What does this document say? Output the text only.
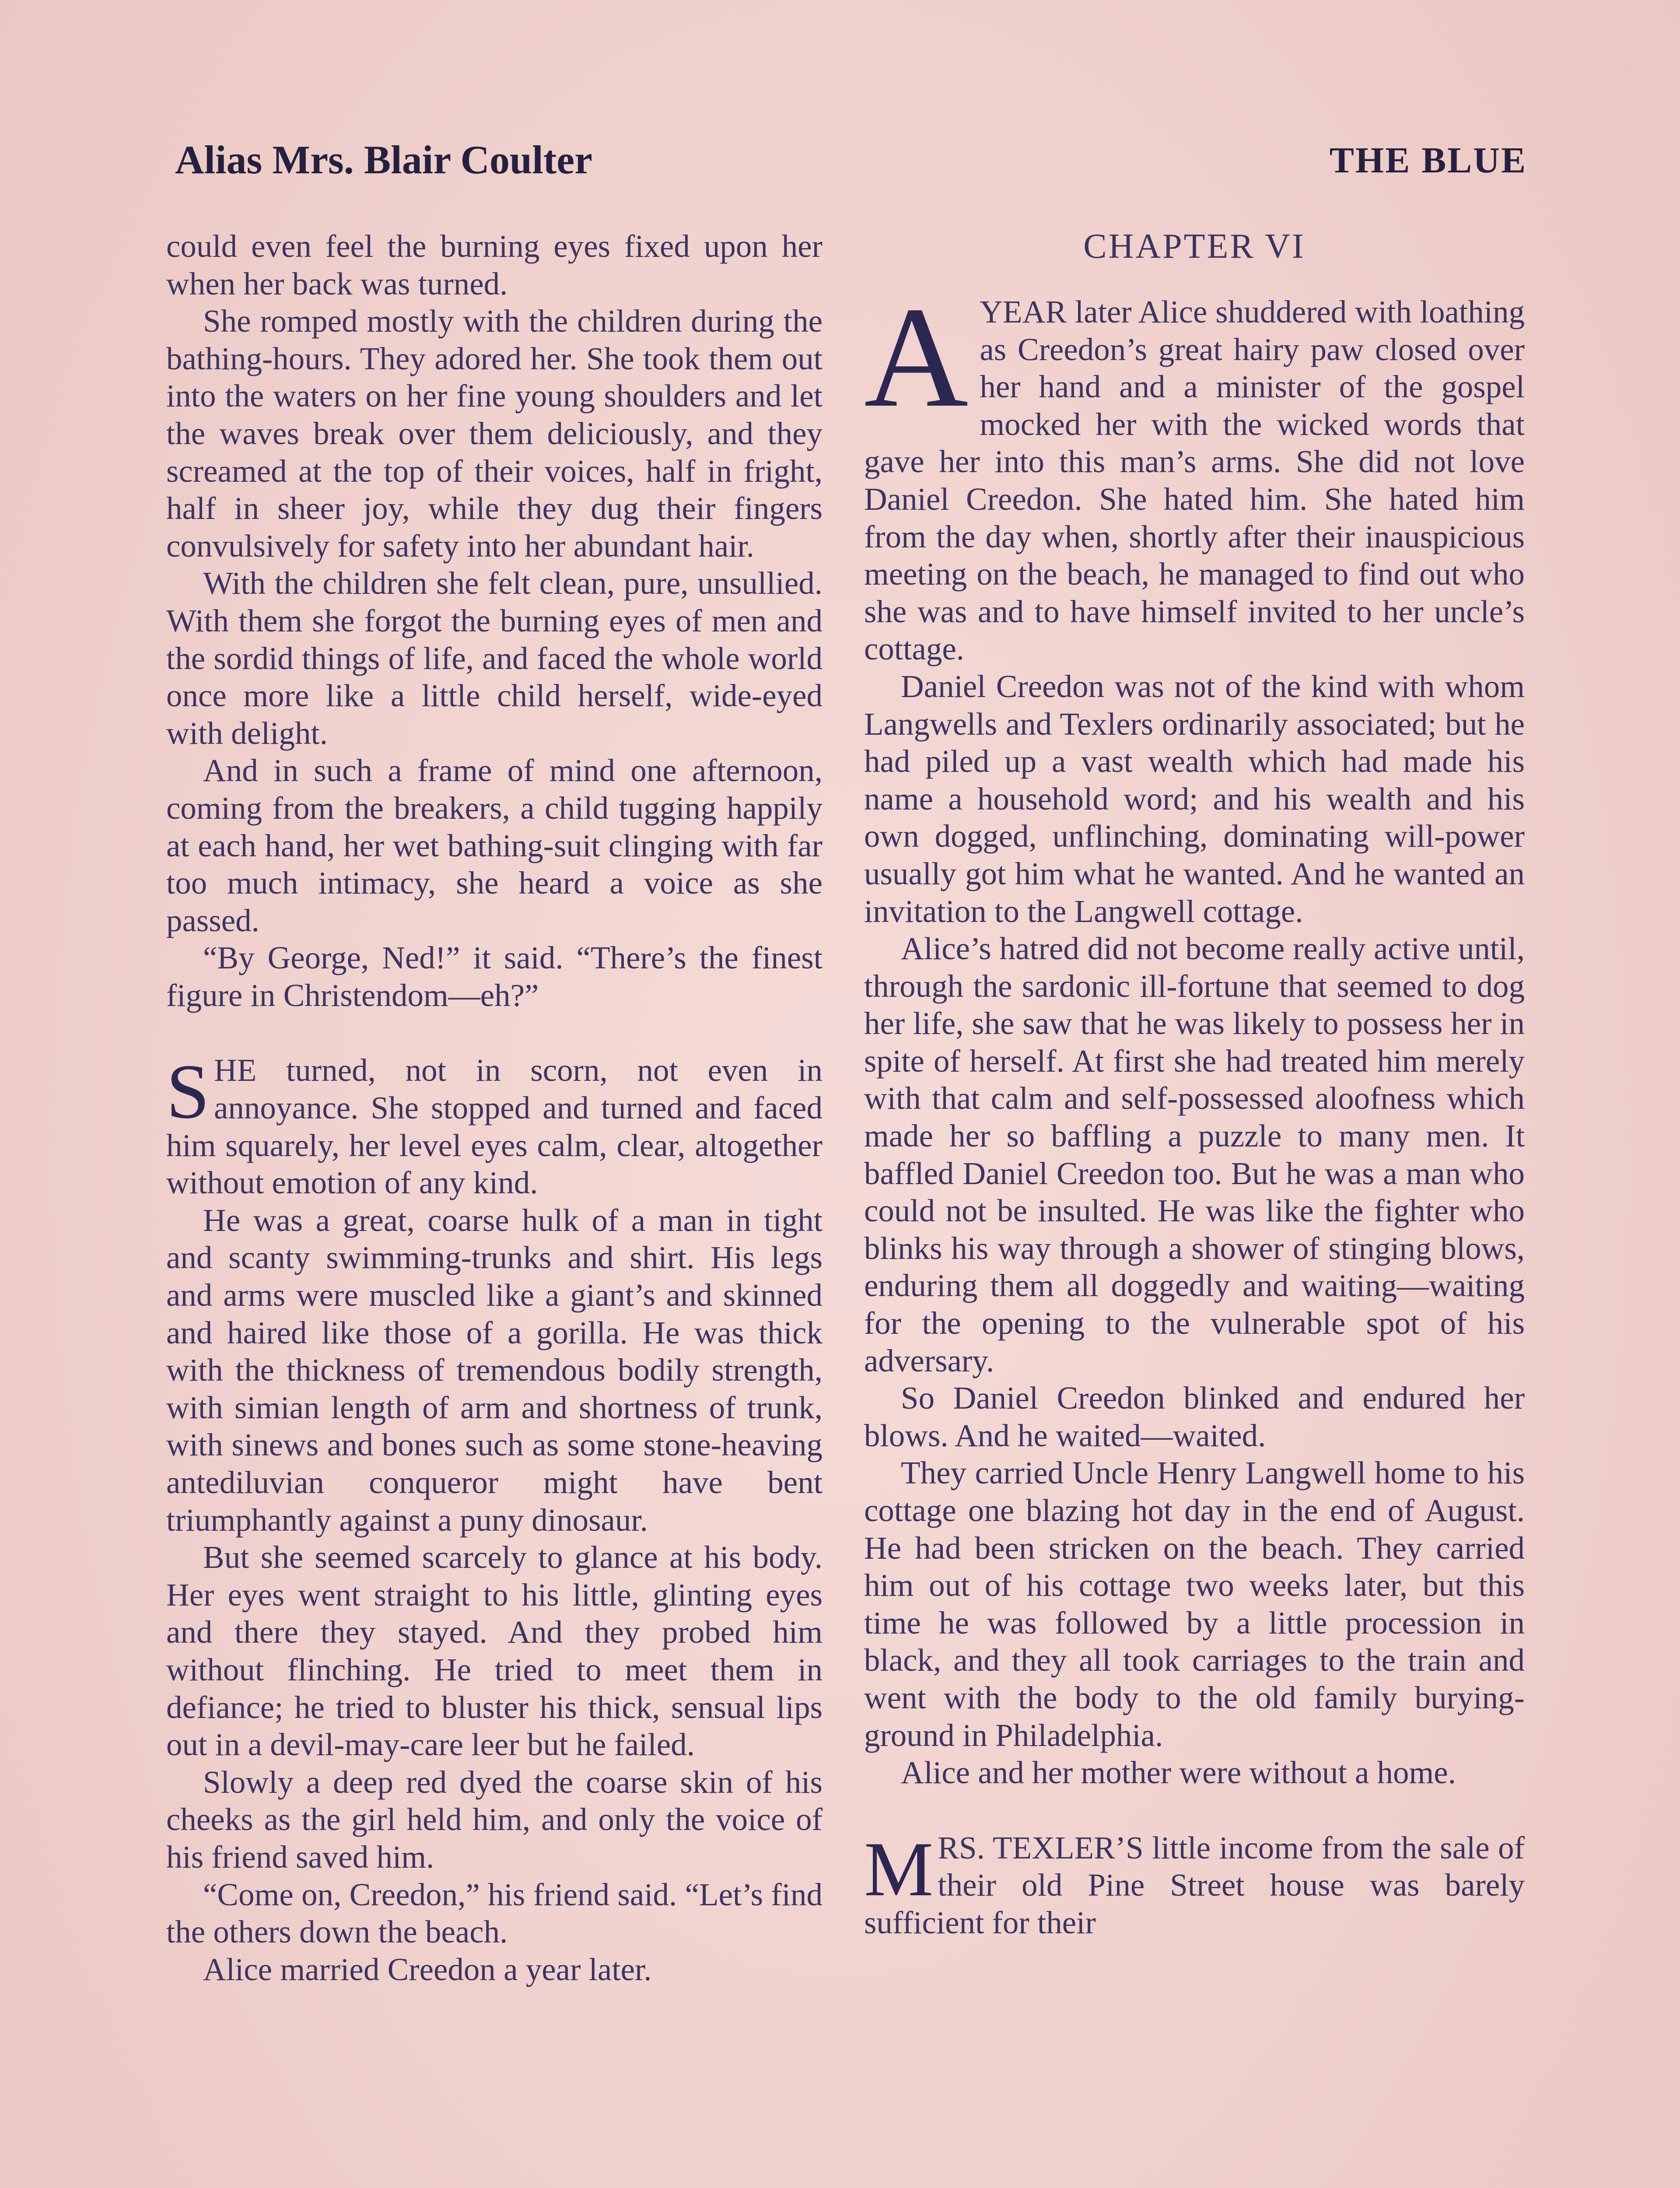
Alias Mrs. Blair Coulter	THE BLUE

could even feel the burning eyes fixed upon her when her back was turned.

She romped mostly with the children during the bathing-hours. They adored her. She took them out into the waters on her fine young shoulders and let the waves break over them deliciously, and they screamed at the top of their voices, half in fright, half in sheer joy, while they dug their fingers convulsively for safety into her abundant hair.

With the children she felt clean, pure, unsullied. With them she forgot the burning eyes of men and the sordid things of life, and faced the whole world once more like a little child herself, wide-eyed with delight.

And in such a frame of mind one afternoon, coming from the breakers, a child tugging happily at each hand, her wet bathing-suit clinging with far too much intimacy, she heard a voice as she passed.

“By George, Ned!” it said. “There’s the finest figure in Christendom—eh?”

SHE turned, not in scorn, not even in annoyance. She stopped and turned and faced him squarely, her level eyes calm, clear, altogether without emotion of any kind.

He was a great, coarse hulk of a man in tight and scanty swimming-trunks and shirt. His legs and arms were muscled like a giant’s and skinned and haired like those of a gorilla. He was thick with the thickness of tremendous bodily strength, with simian length of arm and shortness of trunk, with sinews and bones such as some stone-heaving antediluvian conqueror might have bent triumphantly against a puny dinosaur.

But she seemed scarcely to glance at his body. Her eyes went straight to his little, glinting eyes and there they stayed. And they probed him without flinching. He tried to meet them in defiance; he tried to bluster his thick, sensual lips out in a devil-may-care leer but he failed.

Slowly a deep red dyed the coarse skin of his cheeks as the girl held him, and only the voice of his friend saved him.

“Come on, Creedon,” his friend said. “Let’s find the others down the beach.

Alice married Creedon a year later.

CHAPTER VI

AYEAR later Alice shuddered with loathing as Creedon’s great hairy paw closed over her hand and a minister of the gospel mocked her with the wicked words that gave her into this man’s arms. She did not love Daniel Creedon. She hated him. She hated him from the day when, shortly after their inauspicious meeting on the beach, he managed to find out who she was and to have himself invited to her uncle’s cottage.

Daniel Creedon was not of the kind with whom Langwells and Texlers ordinarily associated; but he had piled up a vast wealth which had made his name a household word; and his wealth and his own dogged, unflinching, dominating will-power usually got him what he wanted. And he wanted an invitation to the Langwell cottage.

Alice’s hatred did not become really active until, through the sardonic ill-fortune that seemed to dog her life, she saw that he was likely to possess her in spite of herself. At first she had treated him merely with that calm and self-possessed aloofness which made her so baffling a puzzle to many men. It baffled Daniel Creedon too. But he was a man who could not be insulted. He was like the fighter who blinks his way through a shower of stinging blows, enduring them all doggedly and waiting—waiting for the opening to the vulnerable spot of his adversary.

So Daniel Creedon blinked and endured her blows. And he waited—waited.

They carried Uncle Henry Langwell home to his cottage one blazing hot day in the end of August. He had been stricken on the beach. They carried him out of his cottage two weeks later, but this time he was followed by a little procession in black, and they all took carriages to the train and went with the body to the old family burying-ground in Philadelphia.

Alice and her mother were without a home.

MRS. TEXLER’S little income from the sale of their old Pine Street house was barely sufficient for their
